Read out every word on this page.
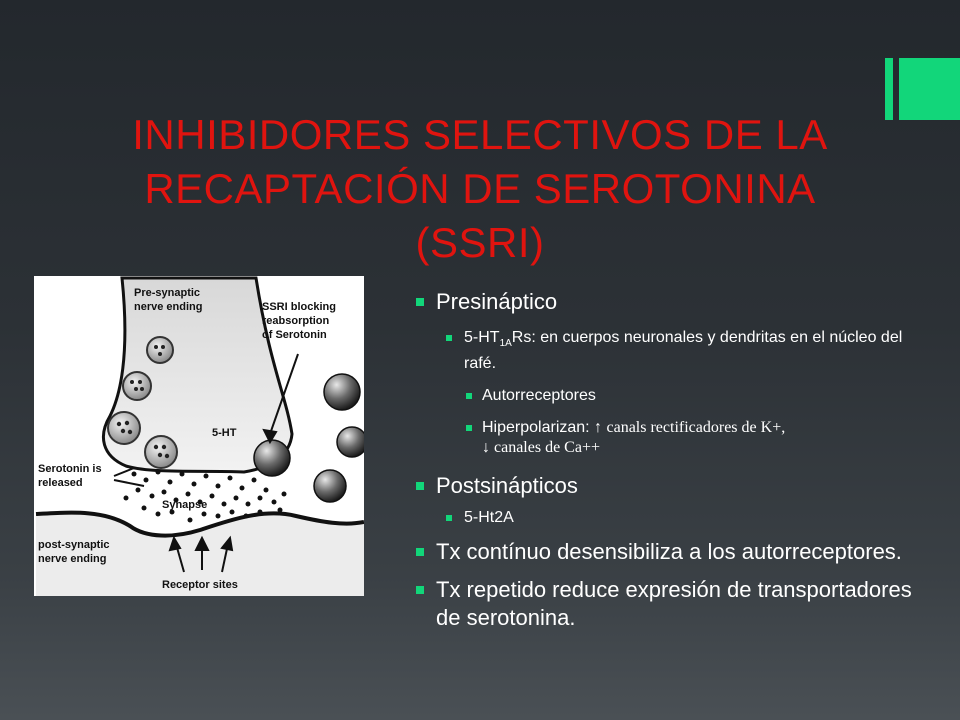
INHIBIDORES SELECTIVOS DE LA RECAPTACIÓN DE SEROTONINA (SSRI)
Pre-synaptic
nerve ending	SSRI blocking
reabsorption
of Serotonin
5-HT
Serotonin is
released
Synapse
post-synaptic
nerve ending
Receptor sites
Presináptico
$5-HT_{1A}Rs$: en cuerpos neuronales y dendritas en el núcleo del rafé.
Autorreceptores
Hiperpolarizan: ↑ canals rectificadores de K+,
↓ canales de Ca++
Postsinápticos
5-Ht2A
Tx contínuo desensibiliza a los autorreceptores.
Tx repetido reduce expresión de transportadores de serotonina.
